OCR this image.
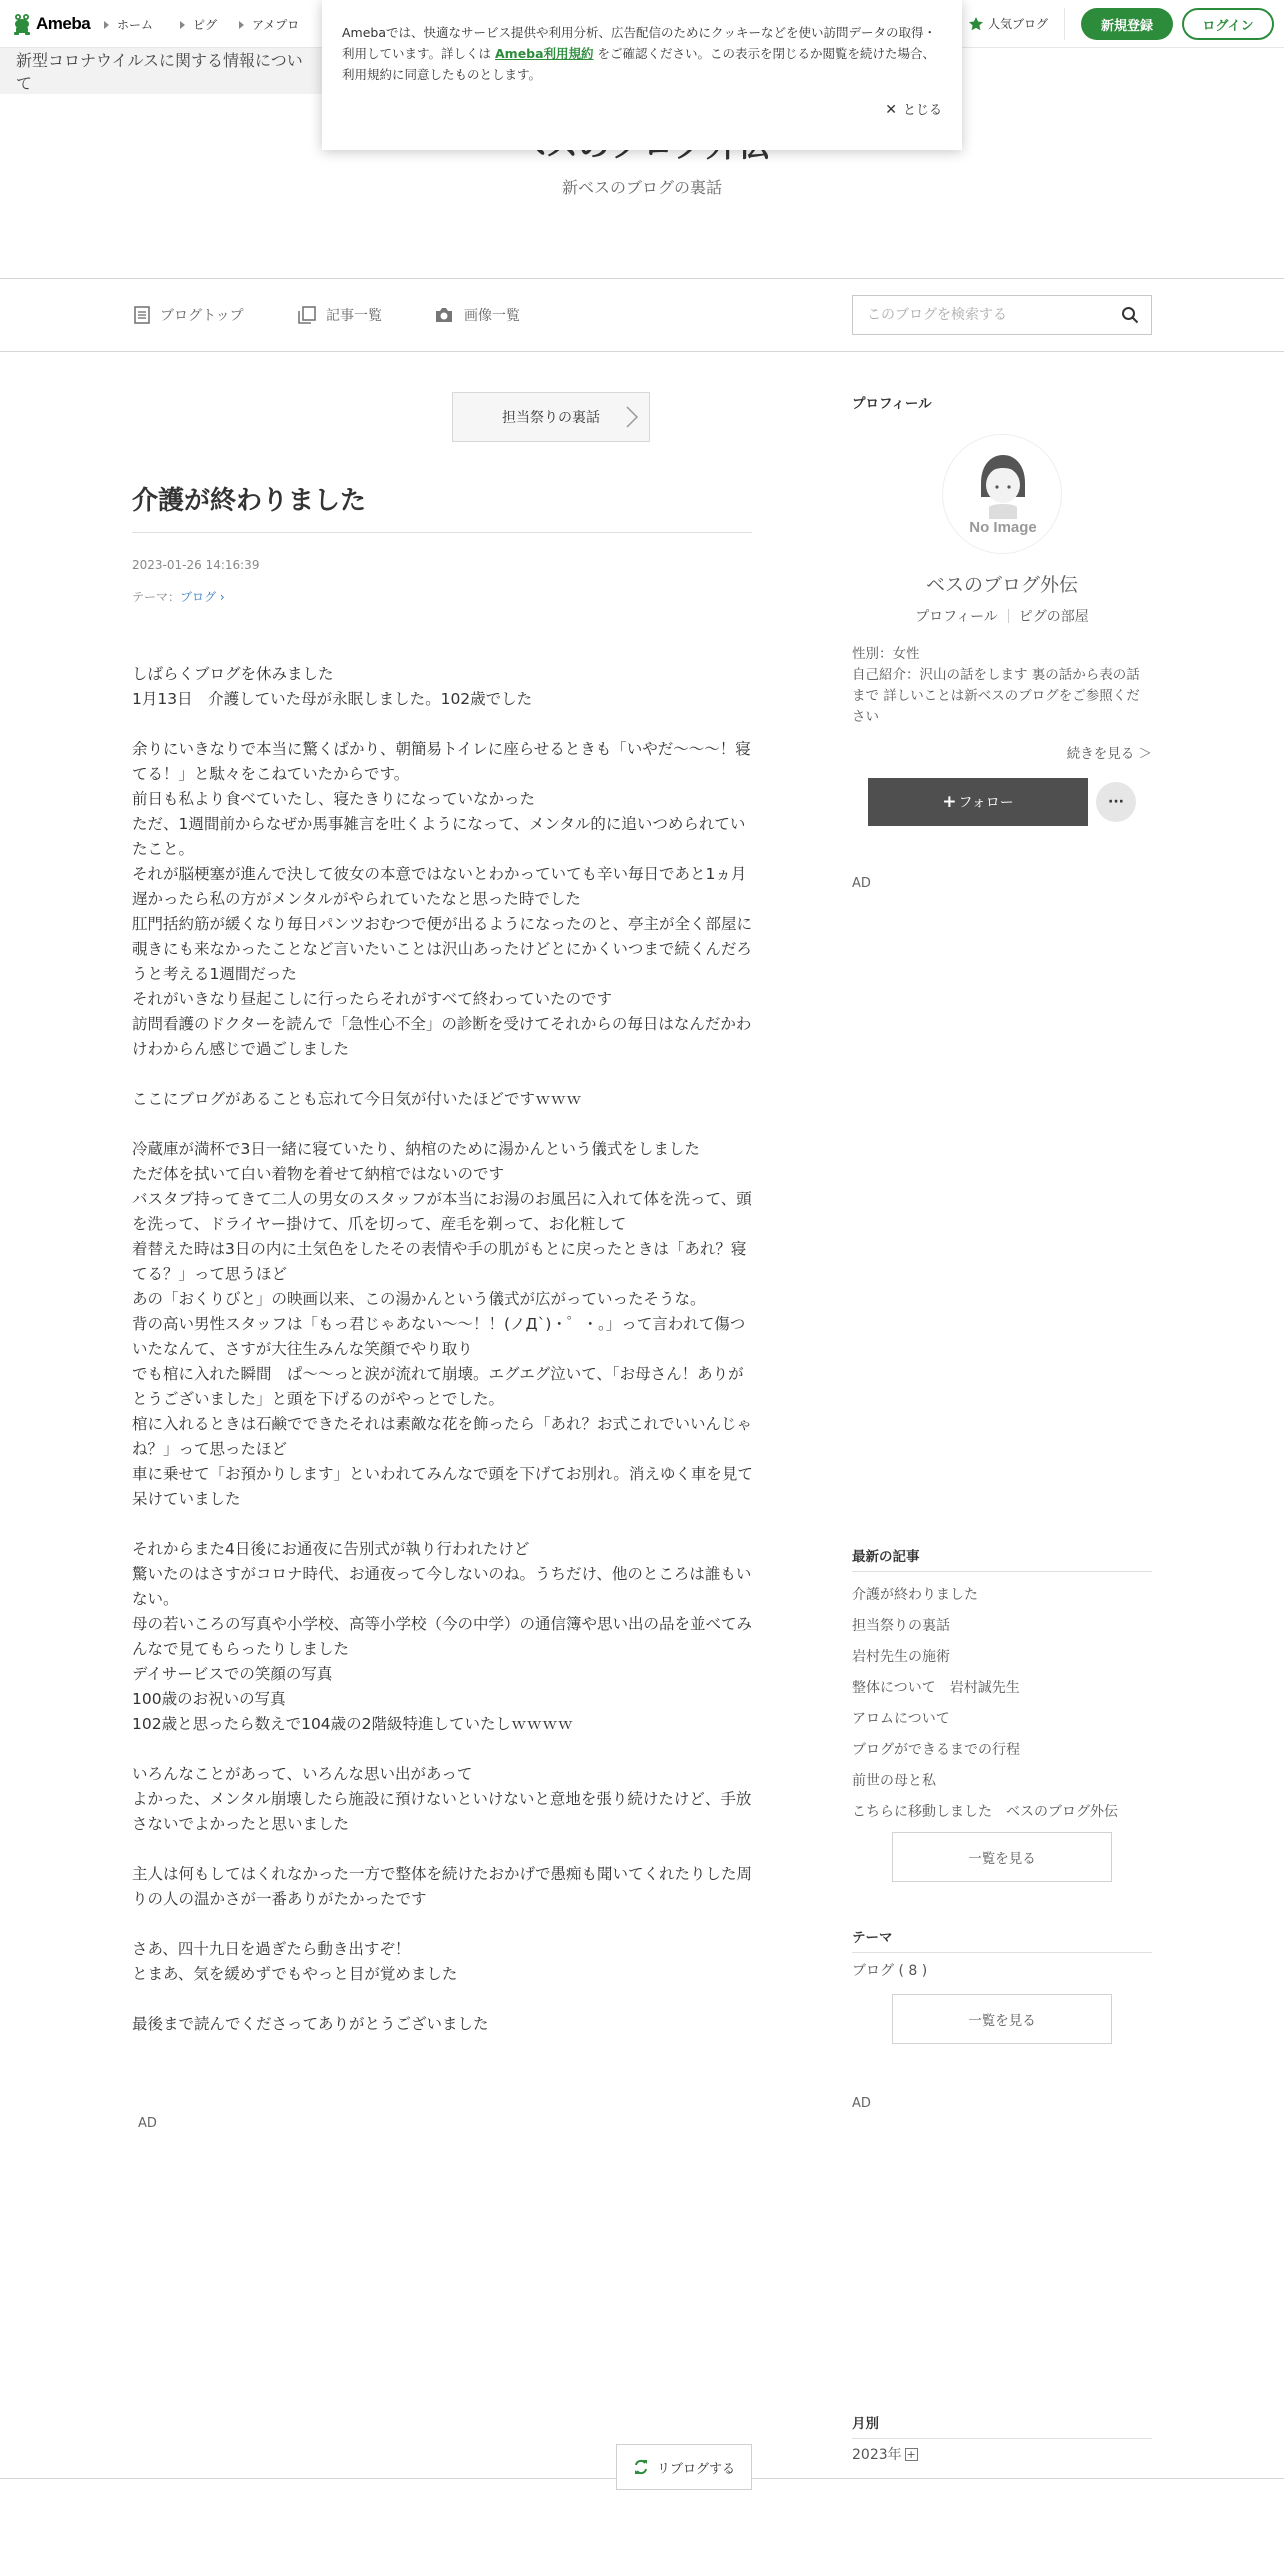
Ameba ホーム	ピグ	アメプロ	人気ブログ	新規登録	ログイン
新型コロナウイルスに関する情報について
新ベスのブログの裏話
ブログトップ	記事一覧	画像一覧
このブログを検索する
担当祭りの裏話
介護が終わりました
2023-01-26 14:16:39
テーマ：ブログ ›

しばらくブログを休みました

1月13日　介護していた母が永眠しました。102歳でした

余りにいきなりで本当に驚くばかり、朝簡易トイレに座らせるときも「いやだ～～～！寝てる！」と駄々をこねていたからです。

前日も私より食べていたし、寝たきりになっていなかった

ただ、1週間前からなぜか馬事雑言を吐くようになって、メンタル的に追いつめられていたこと。

それが脳梗塞が進んで決して彼女の本意ではないとわかっていても辛い毎日であと1ヵ月遅かったら私の方がメンタルがやられていたなと思った時でした

肛門括約筋が緩くなり毎日パンツおむつで便が出るようになったのと、亭主が全く部屋に覗きにも来なかったことなど言いたいことは沢山あったけどとにかくいつまで続くんだろうと考える1週間だった

それがいきなり昼起こしに行ったらそれがすべて終わっていたのです

訪問看護のドクターを読んで「急性心不全」の診断を受けてそれからの毎日はなんだかわけわからん感じで過ごしました

ここにブログがあることも忘れて今日気が付いたほどですｗｗｗ

冷蔵庫が満杯で3日一緒に寝ていたり、納棺のために湯かんという儀式をしました

ただ体を拭いて白い着物を着せて納棺ではないのです

バスタブ持ってきて二人の男女のスタッフが本当にお湯のお風呂に入れて体を洗って、頭を洗って、ドライヤー掛けて、爪を切って、産毛を剃って、お化粧して

着替えた時は3日の内に土気色をしたその表情や手の肌がもとに戻ったときは「あれ？寝てる？」って思うほど

あの「おくりびと」の映画以来、この湯かんという儀式が広がっていったそうな。

背の高い男性スタッフは「もっ君じゃあない～～！！(ノД`)・゜・。」って言われて傷ついたなんて、さすが大往生みんな笑顔でやり取り

でも棺に入れた瞬間　ぱ～～っと涙が流れて崩壊。エグエグ泣いて、「お母さん！ありがとうございました」と頭を下げるのがやっとでした。

棺に入れるときは石鹸でできたそれは素敵な花を飾ったら「あれ？お式これでいいんじゃね？」って思ったほど

車に乗せて「お預かりします」といわれてみんなで頭を下げてお別れ。消えゆく車を見て呆けていました

それからまた4日後にお通夜に告別式が執り行われたけど

驚いたのはさすがコロナ時代、お通夜って今しないのね。うちだけ、他のところは誰もいない。

母の若いころの写真や小学校、高等小学校（今の中学）の通信簿や思い出の品を並べてみんなで見てもらったりしました

デイサービスでの笑顔の写真

100歳のお祝いの写真

102歳と思ったら数えで104歳の2階級特進していたしｗｗｗｗ

いろんなことがあって、いろんな思い出があって

よかった、メンタル崩壊したら施設に預けないといけないと意地を張り続けたけど、手放さないでよかったと思いました

主人は何もしてはくれなかった一方で整体を続けたおかげで愚痴も聞いてくれたりした周りの人の温かさが一番ありがたかったです

さあ、四十九日を過ぎたら動き出すぞ！

とまあ、気を緩めずでもやっと目が覚めました

最後まで読んでくださってありがとうございました

AD
リブログする
プロフィール
No Image
ベスのブログ外伝
プロフィール ピグの部屋

性別：女性

自己紹介：沢山の話をします 裏の話から表の話まで 詳しいことは新ベスのブログをご参照ください

続きを見る ＞
+ フォロー	···
AD
最新の記事
介護が終わりました
担当祭りの裏話
岩村先生の施術
整体について　岩村誠先生
アロムについて
ブログができるまでの行程
前世の母と私
こちらに移動しました　ベスのブログ外伝
一覧を見る
テーマ
ブログ ( 8 )
一覧を見る
AD
月別
2023年 +
Amebaでは、快適なサービス提供や利用分析、広告配信のためにクッキーなどを使い訪問データの取得・利用しています。詳しくは Ameba利用規約 をご確認ください。この表示を閉じるか閲覧を続けた場合、利用規約に同意したものとします。
✕ とじる
